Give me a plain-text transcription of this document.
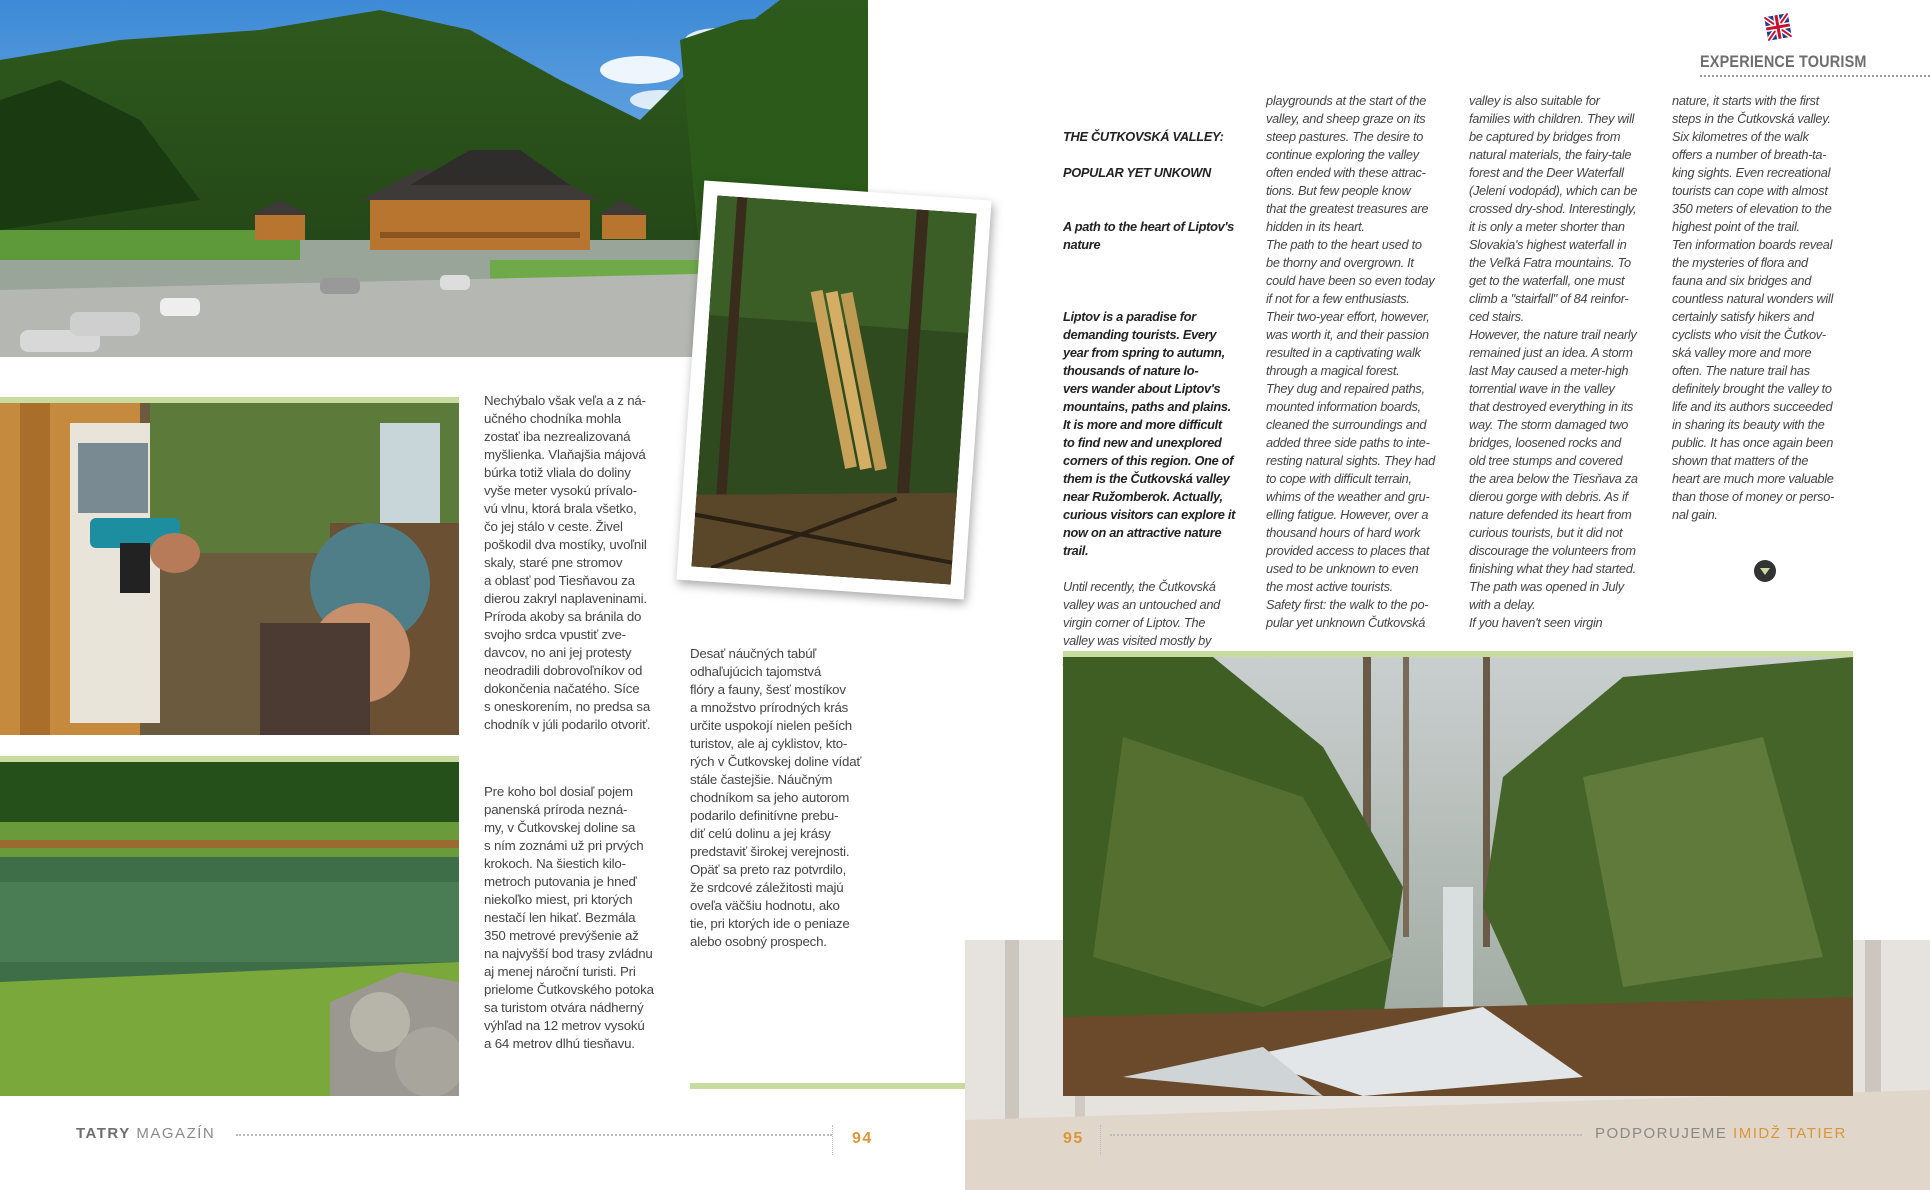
Nechýbalo však veľa a z ná-
učného chodníka mohla
zostať iba nezrealizovaná
myšlienka. Vlaňajšia májová
búrka totiž vliala do doliny
vyše meter vysokú prívalo-
vú vlnu, ktorá brala všetko,
čo jej stálo v ceste. Živel
poškodil dva mostíky, uvoľnil
skaly, staré pne stromov
a oblasť pod Tiesňavou za
dierou zakryl naplaveninami.
Príroda akoby sa bránila do
svojho srdca vpustiť zve-
davcov, no ani jej protesty
neodradili dobrovoľníkov od
dokončenia načatého. Síce
s oneskorením, no predsa sa
chodník v júli podarilo otvoriť.
Pre koho bol dosiaľ pojem
panenská príroda nezná-
my, v Čutkovskej doline sa
s ním zoznámi už pri prvých
krokoch. Na šiestich kilo-
metroch putovania je hneď
niekoľko miest, pri ktorých
nestačí len hikať. Bezmála
350 metrové prevýšenie až
na najvyšší bod trasy zvládnu
aj menej nároční turisti. Pri
prielome Čutkovského potoka
sa turistom otvára nádherný
výhľad na 12 metrov vysokú
a 64 metrov dlhú tiesňavu.
Desať náučných tabúľ
odhaľujúcich tajomstvá
flóry a fauny, šesť mostíkov
a množstvo prírodných krás
určite uspokojí nielen peších
turistov, ale aj cyklistov, kto-
rých v Čutkovskej doline vídať
stále častejšie. Náučným
chodníkom sa jeho autorom
podarilo definitívne prebu-
diť celú dolinu a jej krásy
predstaviť širokej verejnosti.
Opäť sa preto raz potvrdilo,
že srdcové záležitosti majú
oveľa väčšiu hodnotu, ako
tie, pri ktorých ide o peniaze
alebo osobný prospech.
TATRY MAGAZÍN	94
EXPERIENCE TOURISM

THE ČUTKOVSKÁ VALLEY:

POPULAR YET UNKOWN

A path to the heart of Liptov's
nature

Liptov is a paradise for
demanding tourists. Every
year from spring to autumn,
thousands of nature lo-
vers wander about Liptov's
mountains, paths and plains.
It is more and more difficult
to find new and unexplored
corners of this region. One of
them is the Čutkovská valley
near Ružomberok. Actually,
curious visitors can explore it
now on an attractive nature
trail.

Until recently, the Čutkovská
valley was an untouched and
virgin corner of Liptov. The
valley was visited mostly by

playgrounds at the start of the
valley, and sheep graze on its
steep pastures. The desire to
continue exploring the valley
often ended with these attrac-
tions. But few people know
that the greatest treasures are
hidden in its heart.
The path to the heart used to
be thorny and overgrown. It
could have been so even today
if not for a few enthusiasts.
Their two-year effort, however,
was worth it, and their passion
resulted in a captivating walk
through a magical forest.
They dug and repaired paths,
mounted information boards,
cleaned the surroundings and
added three side paths to inte-
resting natural sights. They had
to cope with difficult terrain,
whims of the weather and gru-
elling fatigue. However, over a
thousand hours of hard work
provided access to places that
used to be unknown to even
the most active tourists.
Safety first: the walk to the po-
pular yet unknown Čutkovská
valley is also suitable for
families with children. They will
be captured by bridges from
natural materials, the fairy-tale
forest and the Deer Waterfall
(Jelení vodopád), which can be
crossed dry-shod. Interestingly,
it is only a meter shorter than
Slovakia's highest waterfall in
the Veľká Fatra mountains. To
get to the waterfall, one must
climb a "stairfall" of 84 reinfor-
ced stairs.
However, the nature trail nearly
remained just an idea. A storm
last May caused a meter-high
torrential wave in the valley
that destroyed everything in its
way. The storm damaged two
bridges, loosened rocks and
old tree stumps and covered
the area below the Tiesňava za
dierou gorge with debris. As if
nature defended its heart from
curious tourists, but it did not
discourage the volunteers from
finishing what they had started.
The path was opened in July
with a delay.
If you haven't seen virgin
nature, it starts with the first
steps in the Čutkovská valley.
Six kilometres of the walk
offers a number of breath-ta-
king sights. Even recreational
tourists can cope with almost
350 meters of elevation to the
highest point of the trail.
Ten information boards reveal
the mysteries of flora and
fauna and six bridges and
countless natural wonders will
certainly satisfy hikers and
cyclists who visit the Čutkov-
ská valley more and more
often. The nature trail has
definitely brought the valley to
life and its authors succeeded
in sharing its beauty with the
public. It has once again been
shown that matters of the
heart are much more valuable
than those of money or perso-
nal gain.
95	PODPORUJEME IMIDŽ TATIER
